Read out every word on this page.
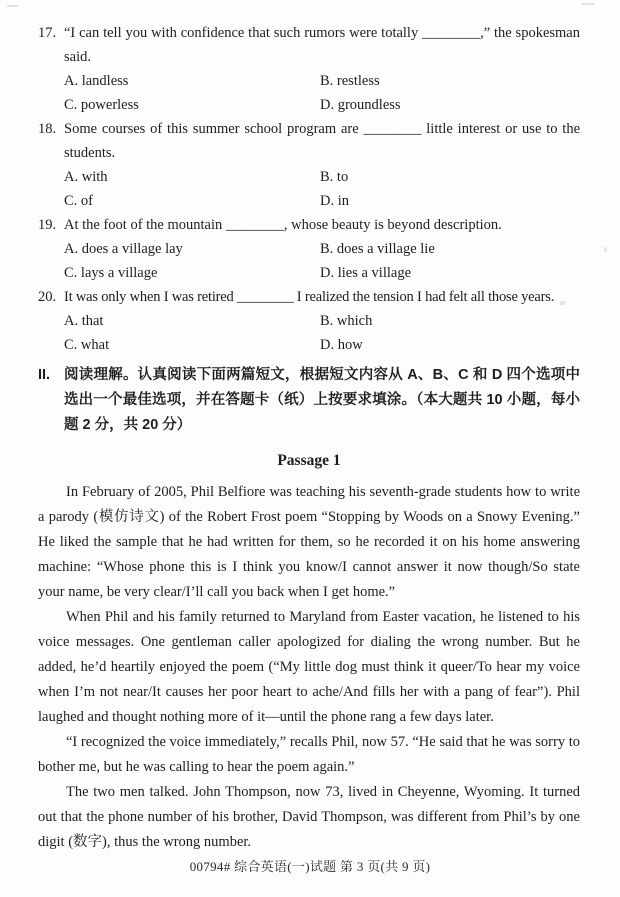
17. “I can tell you with confidence that such rumors were totally ________,” the spokesman said.
A. landless	B. restless
C. powerless	D. groundless
18. Some courses of this summer school program are ________ little interest or use to the students.
A. with	B. to
C. of	D. in
19. At the foot of the mountain ________, whose beauty is beyond description.
A. does a village lay	B. does a village lie
C. lays a village	D. lies a village
20. It was only when I was retired ________ I realized the tension I had felt all those years.
A. that	B. which
C. what	D. how
II. 阅读理解。认真阅读下面两篇短文，根据短文内容从 A、B、C 和 D 四个选项中选出一个最佳选项，并在答题卡（纸）上按要求填涂。（本大题共 10 小题，每小题 2 分，共 20 分）
Passage 1

In February of 2005, Phil Belfiore was teaching his seventh-grade students how to write a parody (模仿诗文) of the Robert Frost poem “Stopping by Woods on a Snowy Evening.” He liked the sample that he had written for them, so he recorded it on his home answering machine: “Whose phone this is I think you know/I cannot answer it now though/So state your name, be very clear/I’ll call you back when I get home.”

When Phil and his family returned to Maryland from Easter vacation, he listened to his voice messages. One gentleman caller apologized for dialing the wrong number. But he added, he’d heartily enjoyed the poem (“My little dog must think it queer/To hear my voice when I’m not near/It causes her poor heart to ache/And fills her with a pang of fear”). Phil laughed and thought nothing more of it—until the phone rang a few days later.

“I recognized the voice immediately,” recalls Phil, now 57. “He said that he was sorry to bother me, but he was calling to hear the poem again.”

The two men talked. John Thompson, now 73, lived in Cheyenne, Wyoming. It turned out that the phone number of his brother, David Thompson, was different from Phil’s by one digit (数字), thus the wrong number.

00794# 综合英语(一)试题 第 3 页(共 9 页)
